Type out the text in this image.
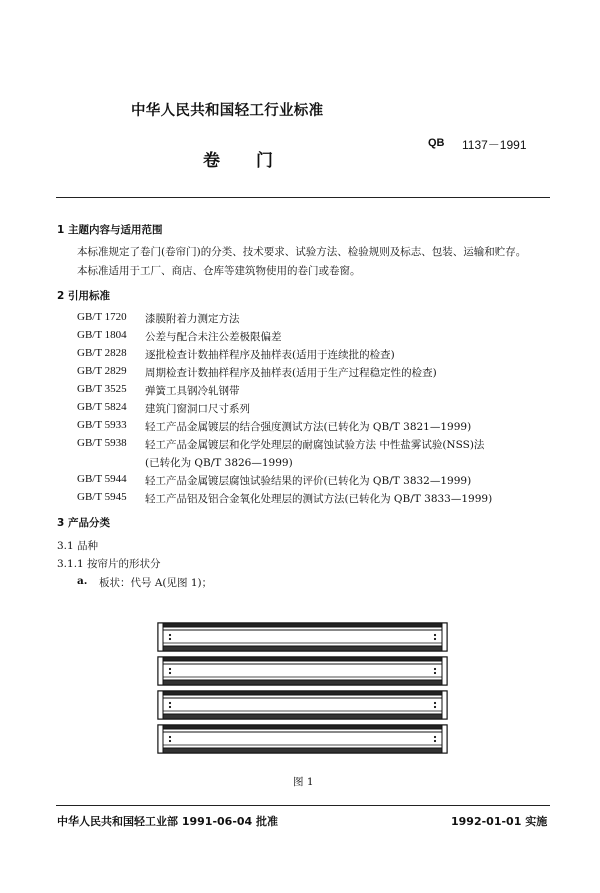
中华人民共和国轻工行业标准
卷门
QB 1137－1991
1 主题内容与适用范围
本标准规定了卷门(卷帘门)的分类、技术要求、试验方法、检验规则及标志、包装、运输和贮存。
本标准适用于工厂、商店、仓库等建筑物使用的卷门或卷窗。
2 引用标准
GB/T 1720 漆膜附着力测定方法
GB/T 1804 公差与配合未注公差极限偏差
GB/T 2828 逐批检查计数抽样程序及抽样表(适用于连续批的检查)
GB/T 2829 周期检查计数抽样程序及抽样表(适用于生产过程稳定性的检查)
GB/T 3525 弹簧工具钢冷轧钢带
GB/T 5824 建筑门窗洞口尺寸系列
GB/T 5933 轻工产品金属镀层的结合强度测试方法(已转化为 QB/T 3821—1999)
GB/T 5938 轻工产品金属镀层和化学处理层的耐腐蚀试验方法 中性盐雾试验(NSS)法
(已转化为 QB/T 3826—1999)
GB/T 5944 轻工产品金属镀层腐蚀试验结果的评价(已转化为 QB/T 3832—1999)
GB/T 5945 轻工产品铝及铝合金氧化处理层的测试方法(已转化为 QB/T 3833—1999)
3 产品分类
3.1 品种
3.1.1 按帘片的形状分
a. 板状：代号 A(见图 1)；
图 1
中华人民共和国轻工业部 1991-06-04 批准	1992-01-01 实施
